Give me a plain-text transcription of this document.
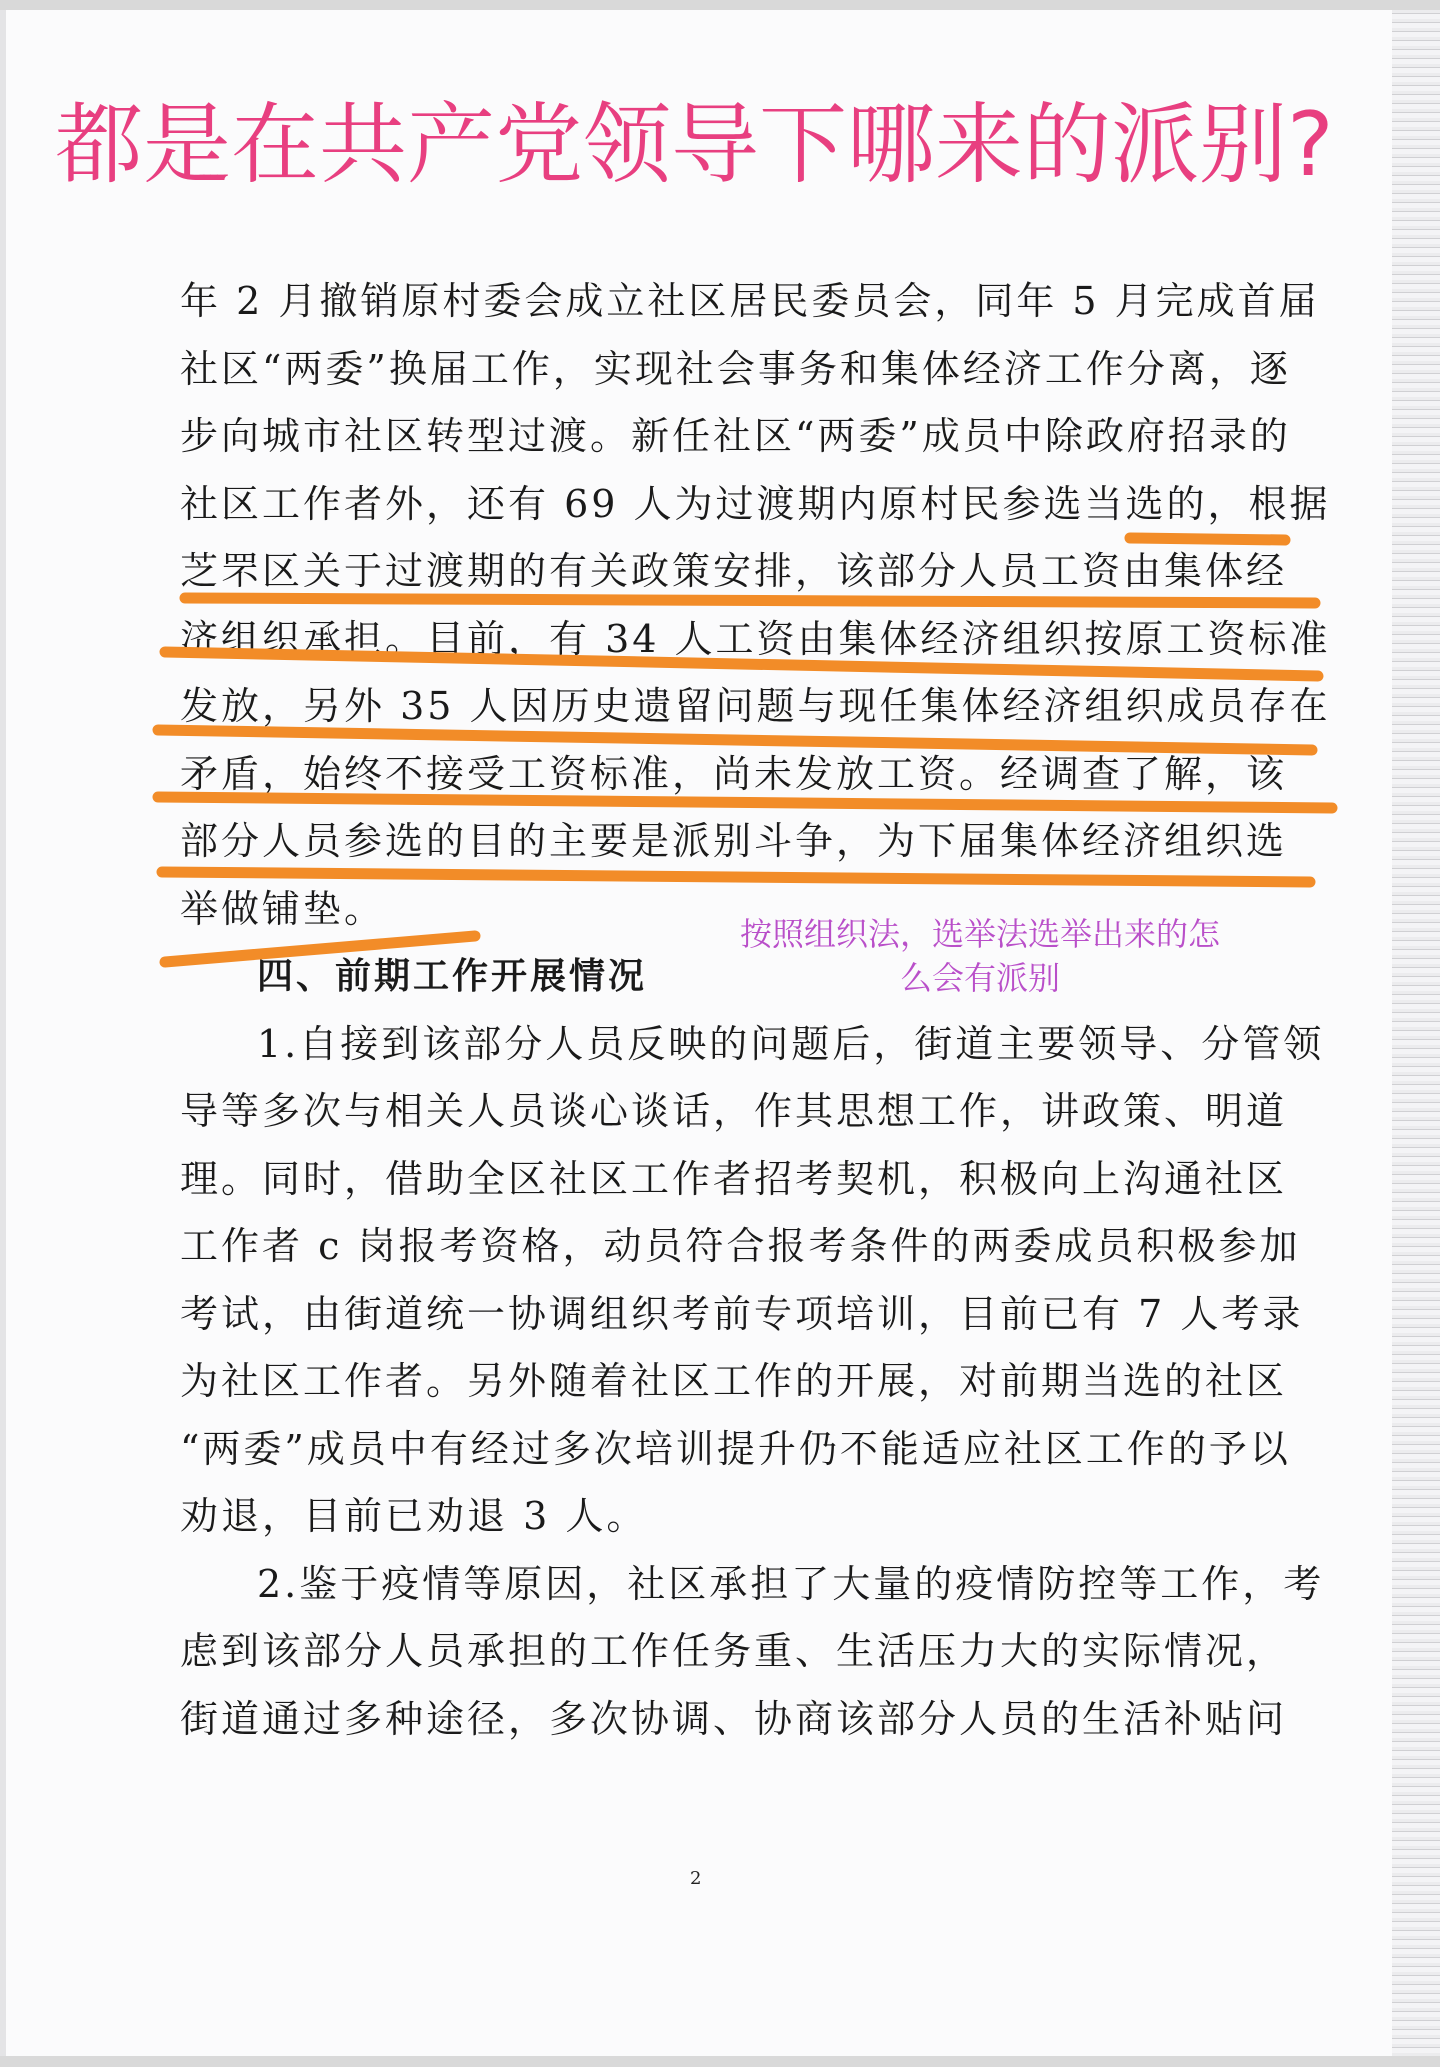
都是在共产党领导下哪来的派别?
年 2 月撤销原村委会成立社区居民委员会，同年 5 月完成首届
社区“两委”换届工作，实现社会事务和集体经济工作分离，逐
步向城市社区转型过渡。新任社区“两委”成员中除政府招录的
社区工作者外，还有 69 人为过渡期内原村民参选当选的，根据
芝罘区关于过渡期的有关政策安排，该部分人员工资由集体经
济组织承担。目前，有 34 人工资由集体经济组织按原工资标准
发放，另外 35 人因历史遗留问题与现任集体经济组织成员存在
矛盾，始终不接受工资标准，尚未发放工资。经调查了解，该
部分人员参选的目的主要是派别斗争，为下届集体经济组织选
举做铺垫。
四、前期工作开展情况
1.自接到该部分人员反映的问题后，街道主要领导、分管领
导等多次与相关人员谈心谈话，作其思想工作，讲政策、明道
理。同时，借助全区社区工作者招考契机，积极向上沟通社区
工作者 c 岗报考资格，动员符合报考条件的两委成员积极参加
考试，由街道统一协调组织考前专项培训，目前已有 7 人考录
为社区工作者。另外随着社区工作的开展，对前期当选的社区
“两委”成员中有经过多次培训提升仍不能适应社区工作的予以
劝退，目前已劝退 3 人。
2.鉴于疫情等原因，社区承担了大量的疫情防控等工作，考
虑到该部分人员承担的工作任务重、生活压力大的实际情况，
街道通过多种途径，多次协调、协商该部分人员的生活补贴问
按照组织法，选举法选举出来的怎
么会有派别
2
